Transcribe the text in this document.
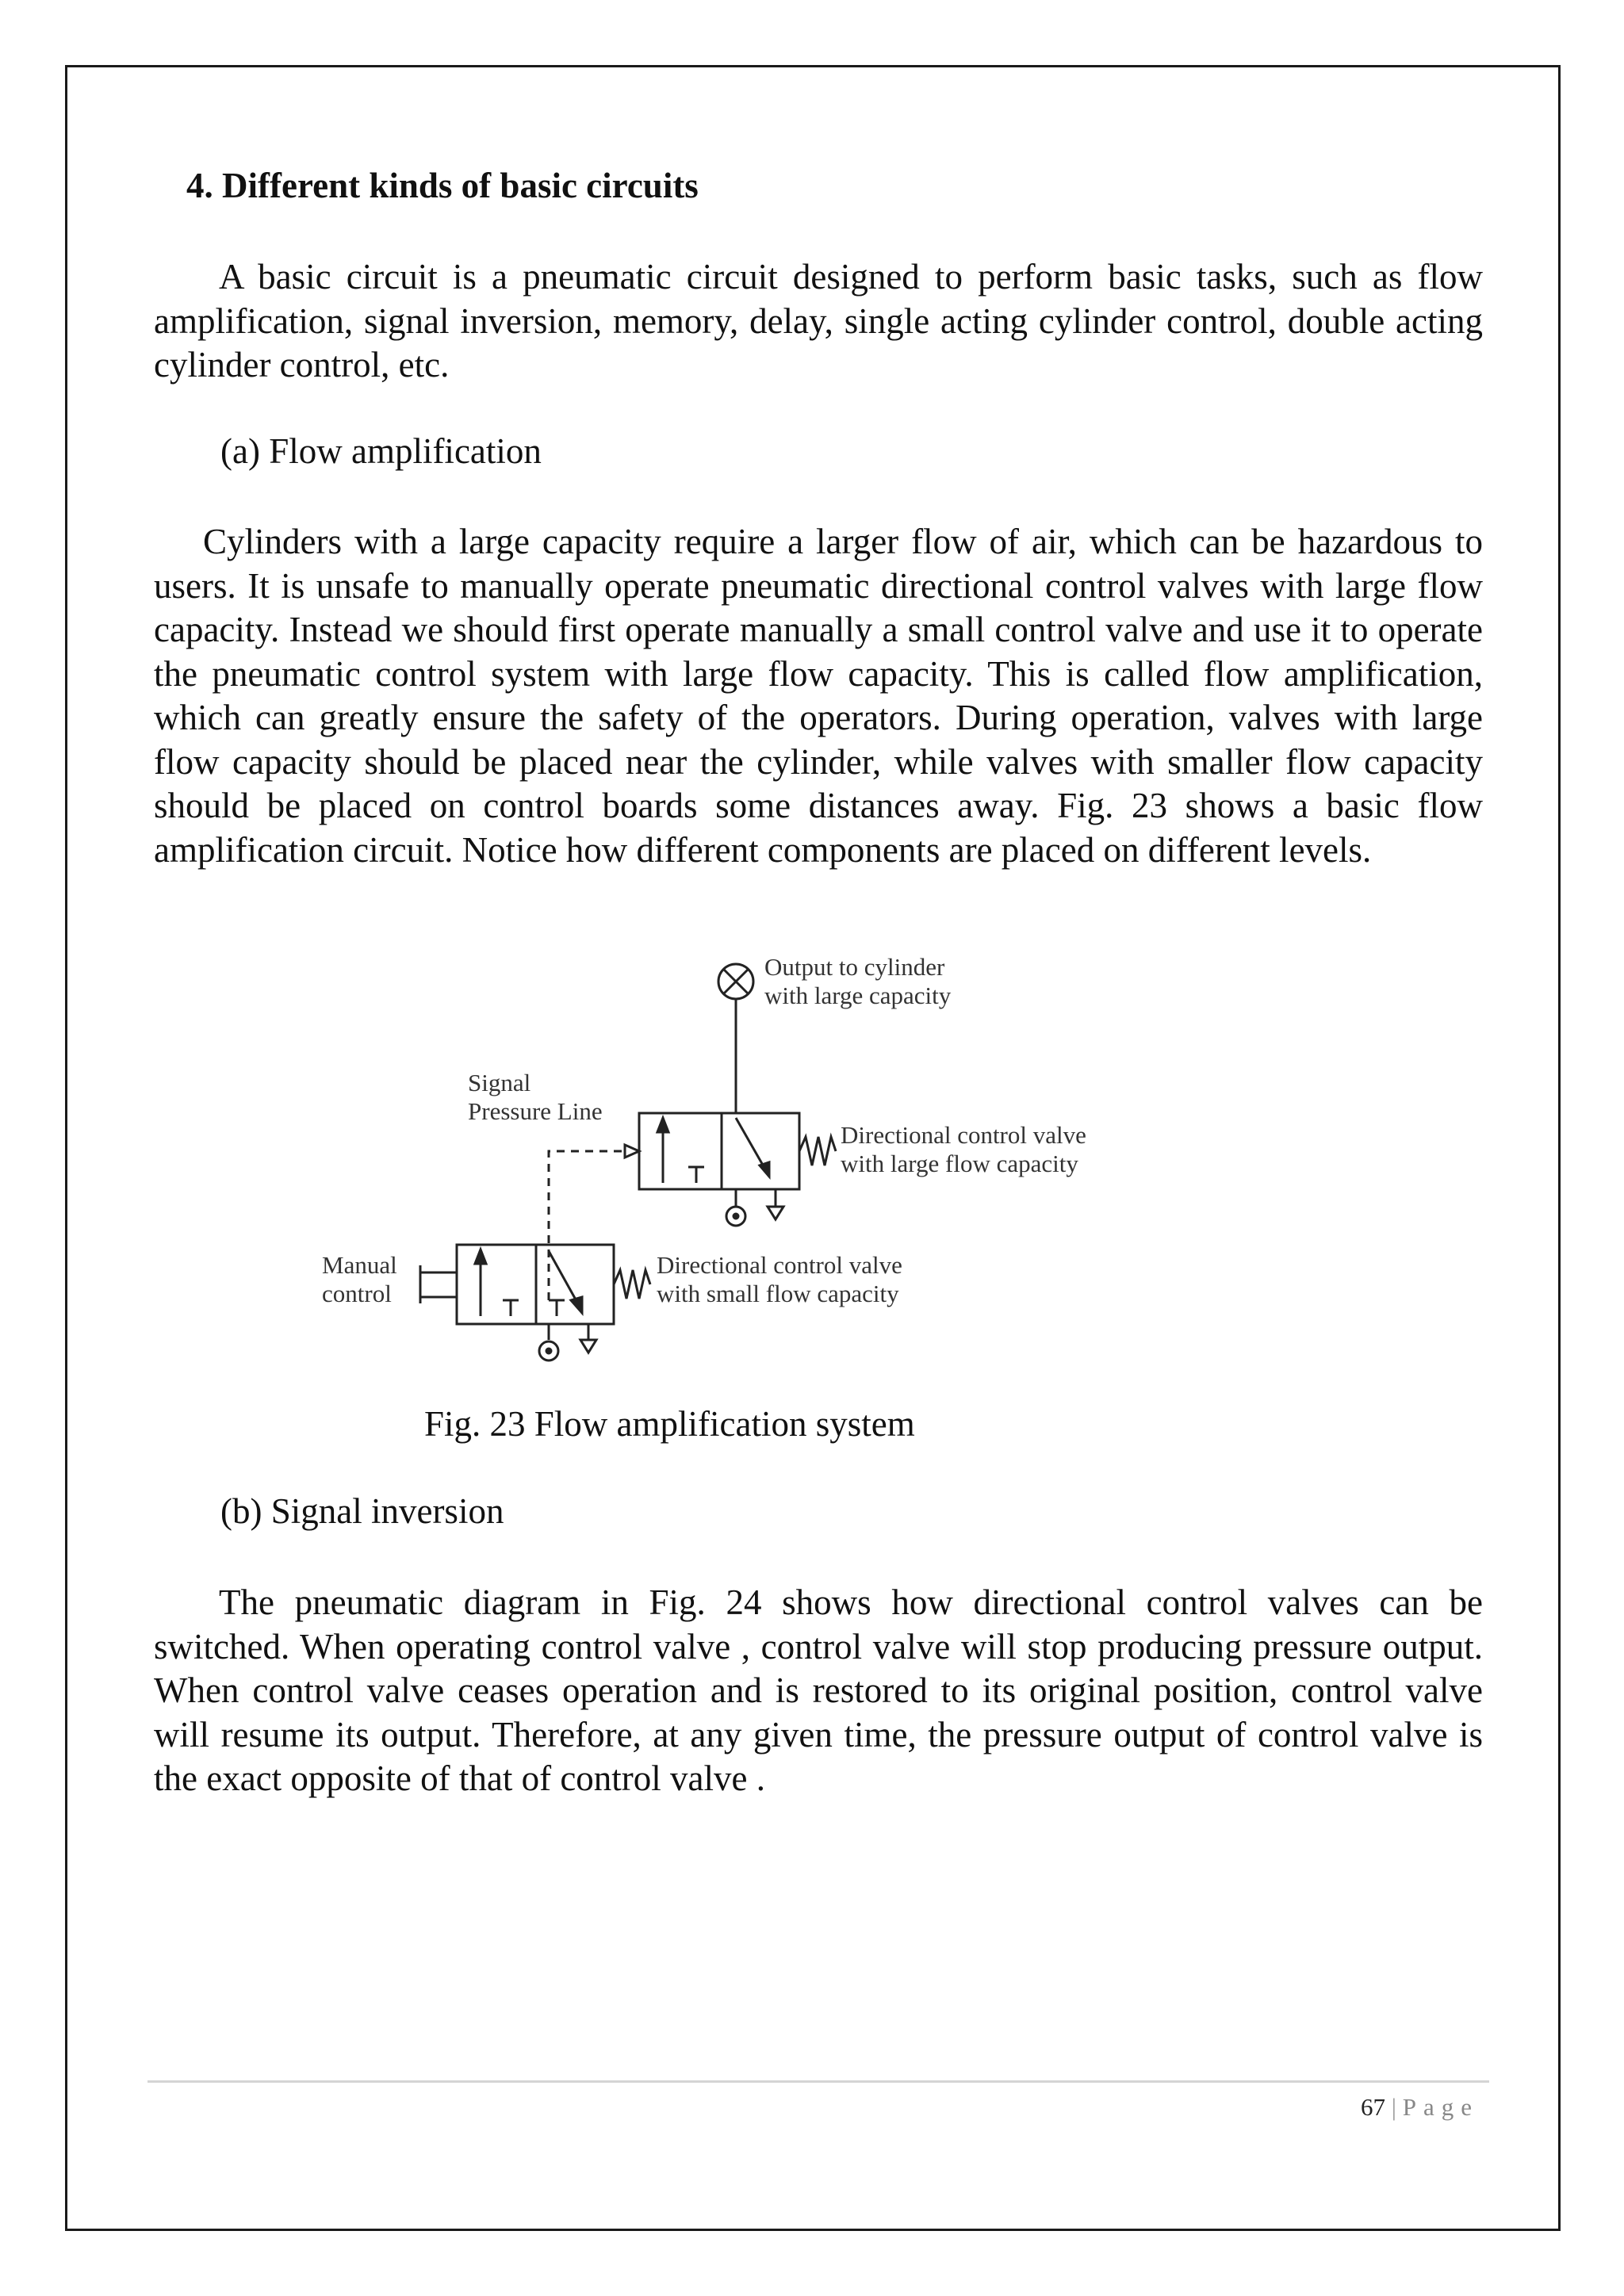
4. Different kinds of basic circuits

A basic circuit is a pneumatic circuit designed to perform basic tasks, such as flow amplification, signal inversion, memory, delay, single acting cylinder control, double acting cylinder control, etc.

(a) Flow amplification

Cylinders with a large capacity require a larger flow of air, which can be hazardous to users. It is unsafe to manually operate pneumatic directional control valves with large flow capacity. Instead we should first operate manually a small control valve and use it to operate the pneumatic control system with large flow capacity. This is called flow amplification, which can greatly ensure the safety of the operators. During operation, valves with large flow capacity should be placed near the cylinder, while valves with smaller flow capacity should be placed on control boards some distances away. Fig. 23 shows a basic flow amplification circuit. Notice how different components are placed on different levels.

Output to cylinder
with large capacity
Directional control valve
with large flow capacity
Signal
Pressure Line
Manual
control
Directional control valve
with small flow capacity
Fig. 23 Flow amplification system
(b) Signal inversion

The pneumatic diagram in Fig. 24 shows how directional control valves can be switched. When operating control valve , control valve will stop producing pressure output. When control valve ceases operation and is restored to its original position, control valve will resume its output. Therefore, at any given time, the pressure output of control valve is the exact opposite of that of control valve .

67 | Page
